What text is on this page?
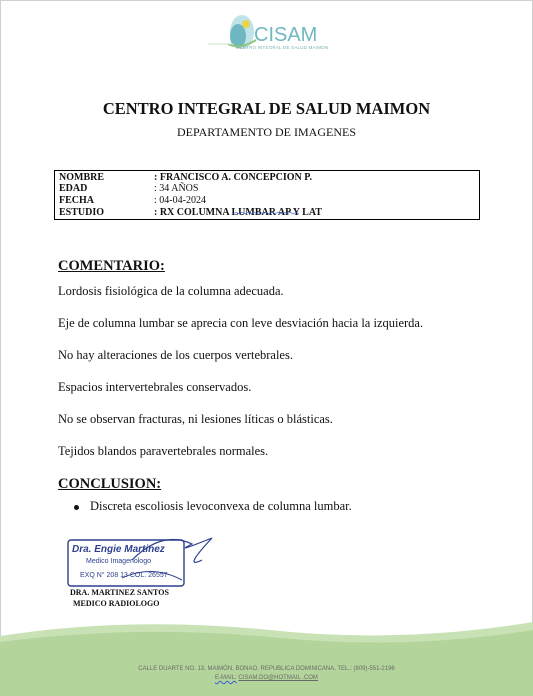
CISAM
CENTRO INTEGRAL DE SALUD MAIMON
CENTRO INTEGRAL DE SALUD MAIMON
DEPARTAMENTO DE IMAGENES
NOMBRE	: FRANCISCO A. CONCEPCION P.
EDAD	: 34 AÑOS
FECHA	: 04-04-2024
ESTUDIO	: RX COLUMNA LUMBAR AP Y LAT
COMENTARIO:
Lordosis fisiológica de la columna adecuada.
Eje de columna lumbar se aprecia con leve desviación hacia la izquierda.
No hay alteraciones de los cuerpos vertebrales.
Espacios intervertebrales conservados.
No se observan fracturas, ni lesiones líticas o blásticas.
Tejidos blandos paravertebrales normales.
CONCLUSION:
Discreta escoliosis levoconvexa de columna lumbar.
Dra. Engie Martinez
Medico Imagenologo
EXQ N° 208 13 COL. 26557
DRA. MARTINEZ SANTOS
MEDICO RADIOLOGO
CALLE DUARTE NO. 13, MAIMÓN, BONAO, REPUBLICA DOMINICANA, TEL.: (809)-551-2196
E-MAIL: CISAM.DO@HOTMAIL .COM
